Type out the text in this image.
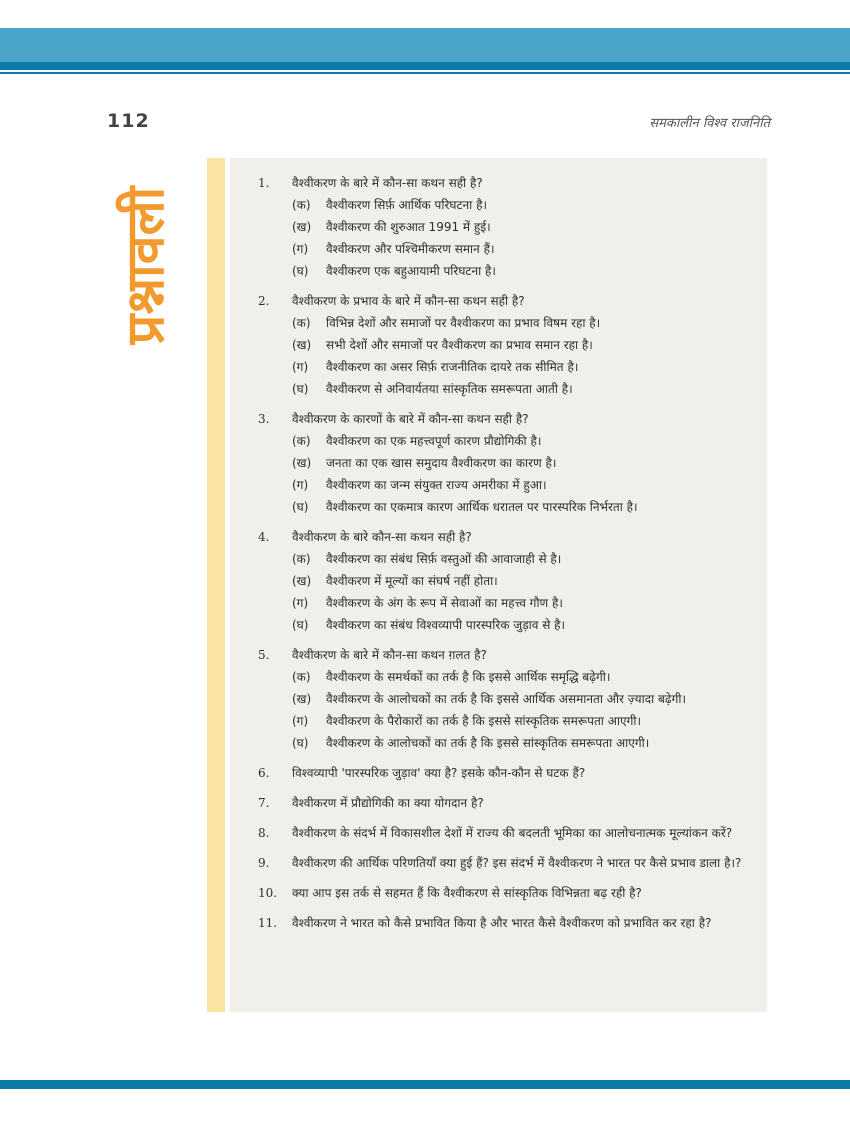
112	समकालीन विश्व राजनिति
प्रश्नावली
1.	वैश्वीकरण के बारे में कौन-सा कथन सही है?
(क)	वैश्वीकरण सिर्फ़ आर्थिक परिघटना है।
(ख)	वैश्वीकरण की शुरुआत 1991 में हुई।
(ग)	वैश्वीकरण और पश्चिमीकरण समान हैं।
(घ)	वैश्वीकरण एक बहुआयामी परिघटना है।
2.	वैश्वीकरण के प्रभाव के बारे में कौन-सा कथन सही है?
(क)	विभिन्न देशों और समाजों पर वैश्वीकरण का प्रभाव विषम रहा है।
(ख)	सभी देशों और समाजों पर वैश्वीकरण का प्रभाव समान रहा है।
(ग)	वैश्वीकरण का असर सिर्फ़ राजनीतिक दायरे तक सीमित है।
(घ)	वैश्वीकरण से अनिवार्यतया सांस्कृतिक समरूपता आती है।
3.	वैश्वीकरण के कारणों के बारे में कौन-सा कथन सही है?
(क)	वैश्वीकरण का एक महत्त्वपूर्ण कारण प्रौद्योगिकी है।
(ख)	जनता का एक खास समुदाय वैश्वीकरण का कारण है।
(ग)	वैश्वीकरण का जन्म संयुक्त राज्य अमरीका में हुआ।
(घ)	वैश्वीकरण का एकमात्र कारण आर्थिक धरातल पर पारस्परिक निर्भरता है।
4.	वैश्वीकरण के बारे कौन-सा कथन सही है?
(क)	वैश्वीकरण का संबंध सिर्फ़ वस्तुओं की आवाजाही से है।
(ख)	वैश्वीकरण में मूल्यों का संघर्ष नहीं होता।
(ग)	वैश्वीकरण के अंग के रूप में सेवाओं का महत्त्व गौण है।
(घ)	वैश्वीकरण का संबंध विश्वव्यापी पारस्परिक जुड़ाव से है।
5.	वैश्वीकरण के बारे में कौन-सा कथन ग़लत है?
(क)	वैश्वीकरण के समर्थकों का तर्क है कि इससे आर्थिक समृद्धि बढ़ेगी।
(ख)	वैश्वीकरण के आलोचकों का तर्क है कि इससे आर्थिक असमानता और ज़्यादा बढ़ेगी।
(ग)	वैश्वीकरण के पैरोकारों का तर्क है कि इससे सांस्कृतिक समरूपता आएगी।
(घ)	वैश्वीकरण के आलोचकों का तर्क है कि इससे सांस्कृतिक समरूपता आएगी।
6.	विश्वव्यापी 'पारस्परिक जुड़ाव' क्या है? इसके कौन-कौन से घटक हैं?
7.	वैश्वीकरण में प्रौद्योगिकी का क्या योगदान है?
8.	वैश्वीकरण के संदर्भ में विकासशील देशों में राज्य की बदलती भूमिका का आलोचनात्मक मूल्यांकन करें?
9.	वैश्वीकरण की आर्थिक परिणतियाँ क्या हुई हैं? इस संदर्भ में वैश्वीकरण ने भारत पर कैसे प्रभाव डाला है।?
10.	क्या आप इस तर्क से सहमत हैं कि वैश्वीकरण से सांस्कृतिक विभिन्नता बढ़ रही है?
11.	वैश्वीकरण ने भारत को कैसे प्रभावित किया है और भारत कैसे वैश्वीकरण को प्रभावित कर रहा है?
